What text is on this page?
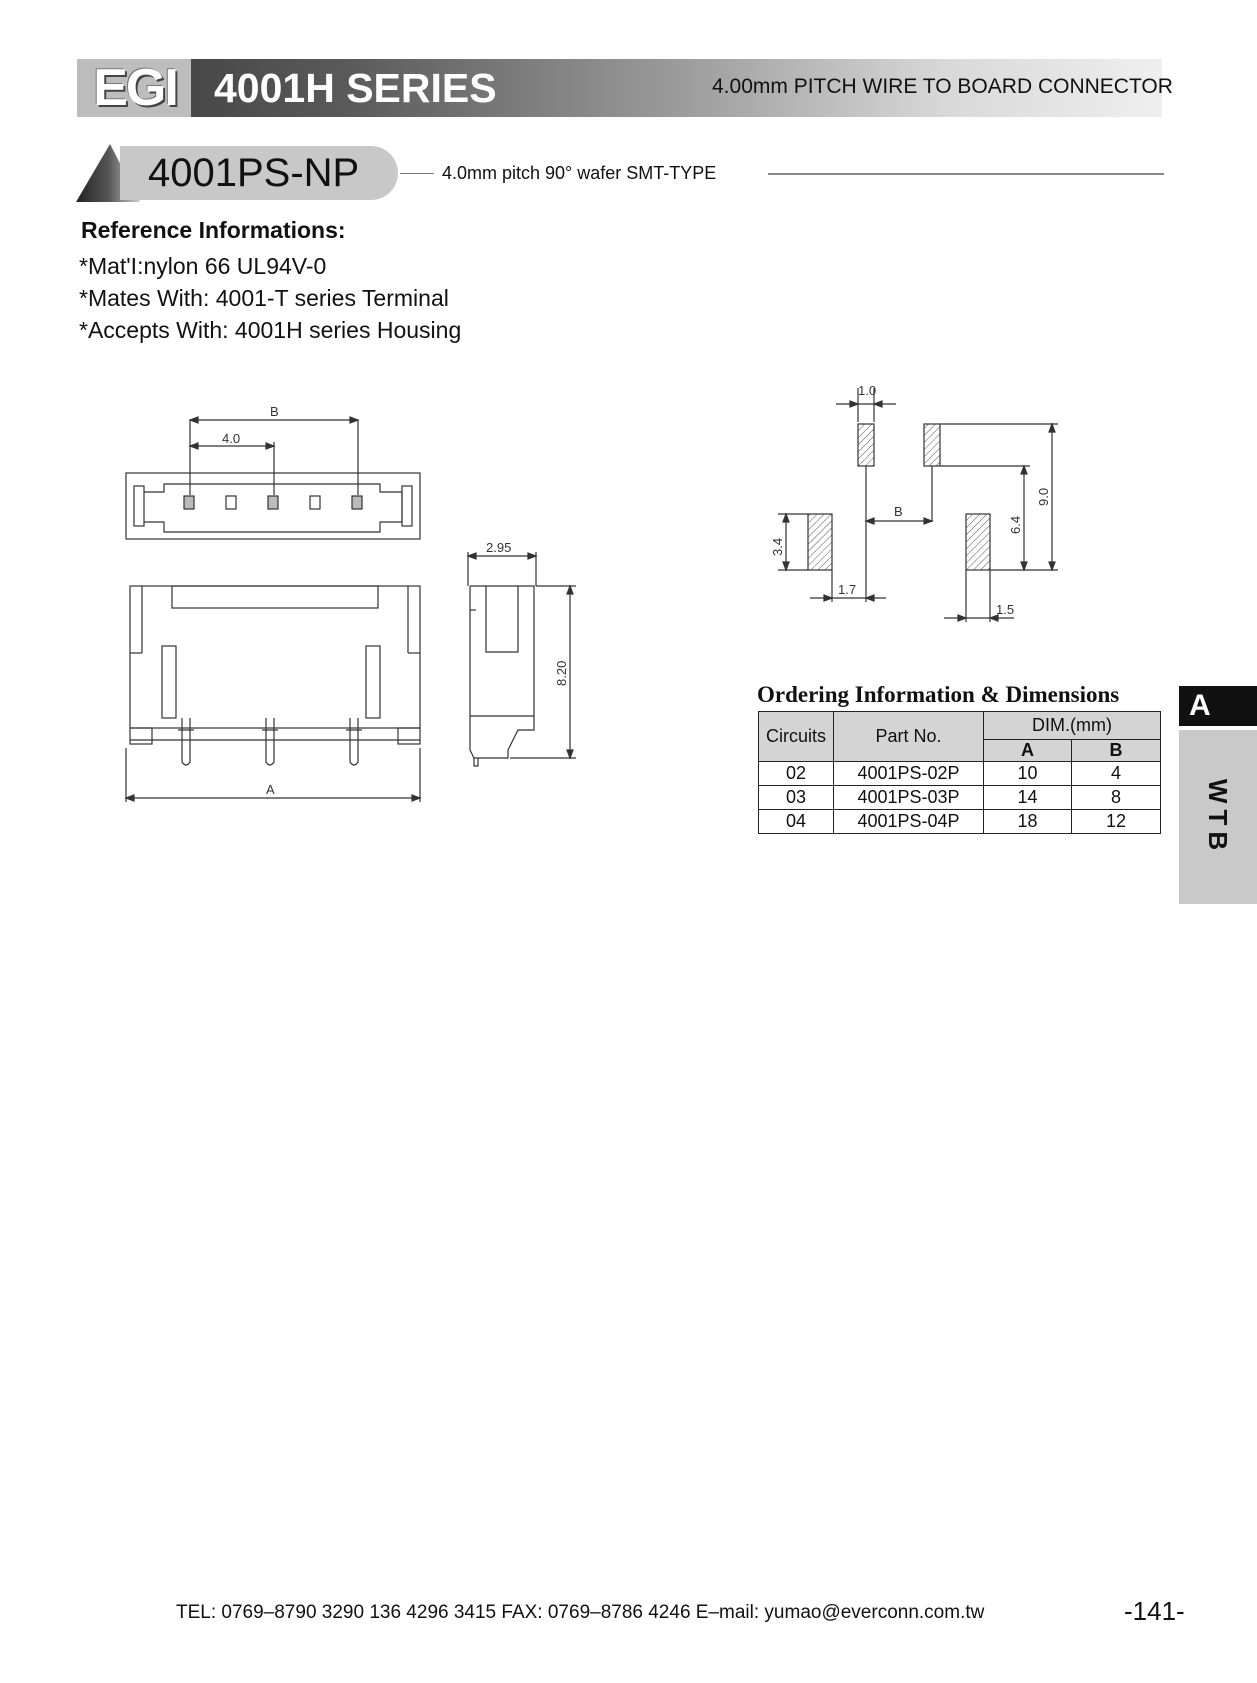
EGI 4001H SERIES	4.00mm PITCH WIRE TO BOARD CONNECTOR
4001PS-NP	4.0mm pitch 90° wafer SMT-TYPE
Reference Informations:
*Mat'I:nylon 66 UL94V-0
*Mates With: 4001-T series Terminal
*Accepts With: 4001H series Housing
B
4.0
A
2.95
8.20
1.0
B
9.0
6.4
3.4
1.7
1.5
Ordering Information & Dimensions
Circuits	Part No.	DIM.(mm)	
		A	B
02	4001PS-02P	10	4
03	4001PS-03P	14	8
04	4001PS-04P	18	12
A
WTB
TEL: 0769–8790 3290 136 4296 3415 FAX: 0769–8786 4246 E–mail: yumao@everconn.com.tw	-141-
